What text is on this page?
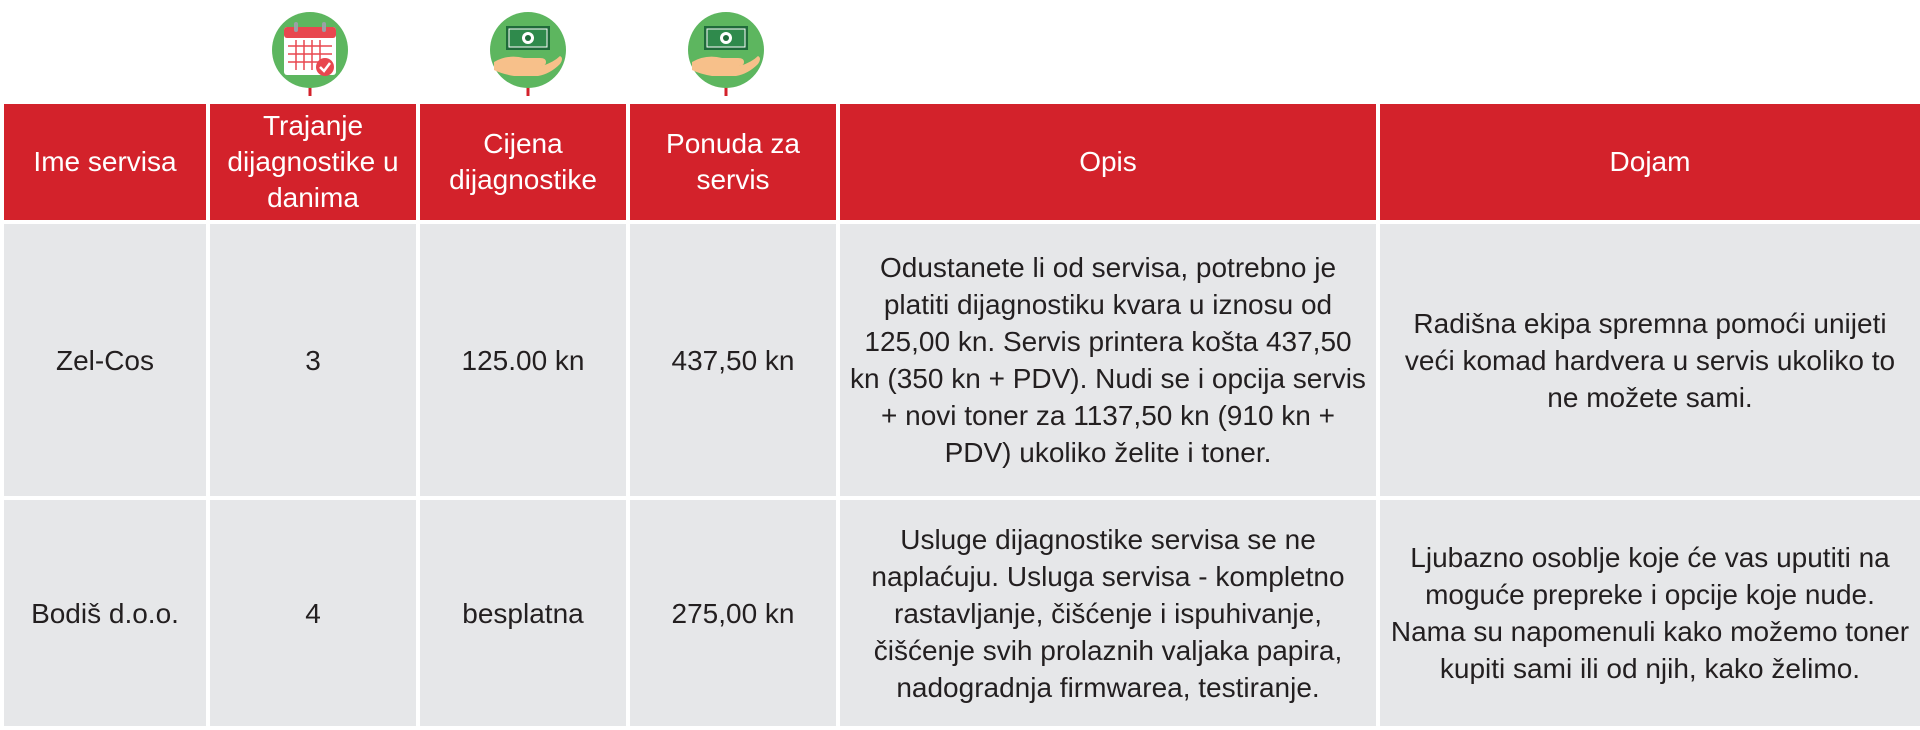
Ime servisa	Trajanje dijagnostike u danima	Cijena dijagnostike	Ponuda za servis	Opis	Dojam
Zel-Cos	3	125.00 kn	437,50 kn	Odustanete li od servisa, potrebno je platiti dijagnostiku kvara u iznosu od 125,00 kn. Servis printera košta 437,50 kn (350 kn + PDV). Nudi se i opcija servis + novi toner za 1137,50 kn (910 kn + PDV) ukoliko želite i toner.	Radišna ekipa spremna pomoći unijeti veći komad hardvera u servis ukoliko to ne možete sami.
Bodiš d.o.o.	4	besplatna	275,00 kn	Usluge dijagnostike servisa se ne naplaćuju. Usluga servisa - kompletno rastavljanje, čišćenje i ispuhivanje, čišćenje svih prolaznih valjaka papira, nadogradnja firmwarea, testiranje.	Ljubazno osoblje koje će vas uputiti na moguće prepreke i opcije koje nude. Nama su napomenuli kako možemo toner kupiti sami ili od njih, kako želimo.
